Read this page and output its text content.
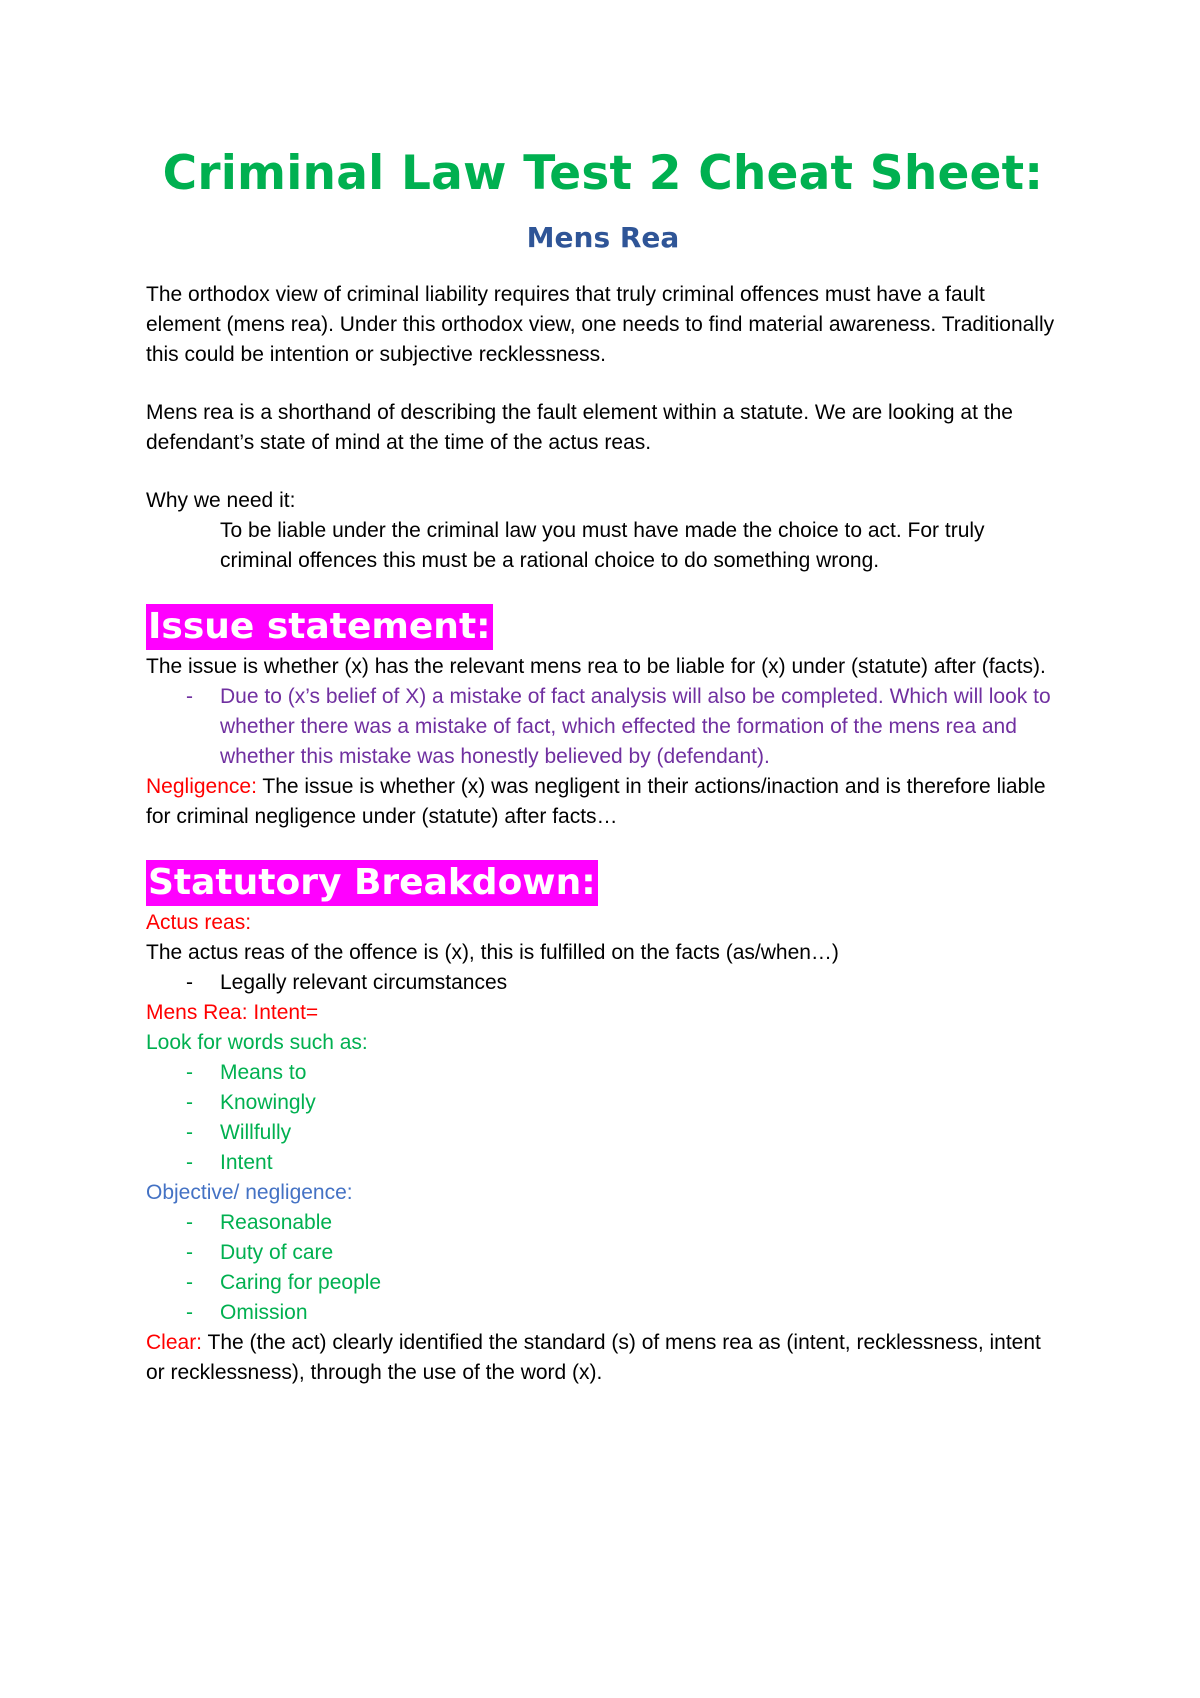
Criminal Law Test 2 Cheat Sheet:
Mens Rea

The orthodox view of criminal liability requires that truly criminal offences must have a fault element (mens rea). Under this orthodox view, one needs to find material awareness. Traditionally this could be intention or subjective recklessness.

Mens rea is a shorthand of describing the fault element within a statute. We are looking at the defendant’s state of mind at the time of the actus reas.

Why we need it:

To be liable under the criminal law you must have made the choice to act. For truly criminal offences this must be a rational choice to do something wrong.

Issue statement:

The issue is whether (x) has the relevant mens rea to be liable for (x) under (statute) after (facts).

- Due to (x’s belief of X) a mistake of fact analysis will also be completed. Which will look to whether there was a mistake of fact, which effected the formation of the mens rea and whether this mistake was honestly believed by (defendant).

Negligence: The issue is whether (x) was negligent in their actions/inaction and is therefore liable for criminal negligence under (statute) after facts…

Statutory Breakdown:

Actus reas:

The actus reas of the offence is (x), this is fulfilled on the facts (as/when…)

- Legally relevant circumstances

Mens Rea: Intent=

Look for words such as:

- Means to
- Knowingly
- Willfully
- Intent

Objective/ negligence:

- Reasonable
- Duty of care
- Caring for people
- Omission

Clear: The (the act) clearly identified the standard (s) of mens rea as (intent, recklessness, intent or recklessness), through the use of the word (x).
